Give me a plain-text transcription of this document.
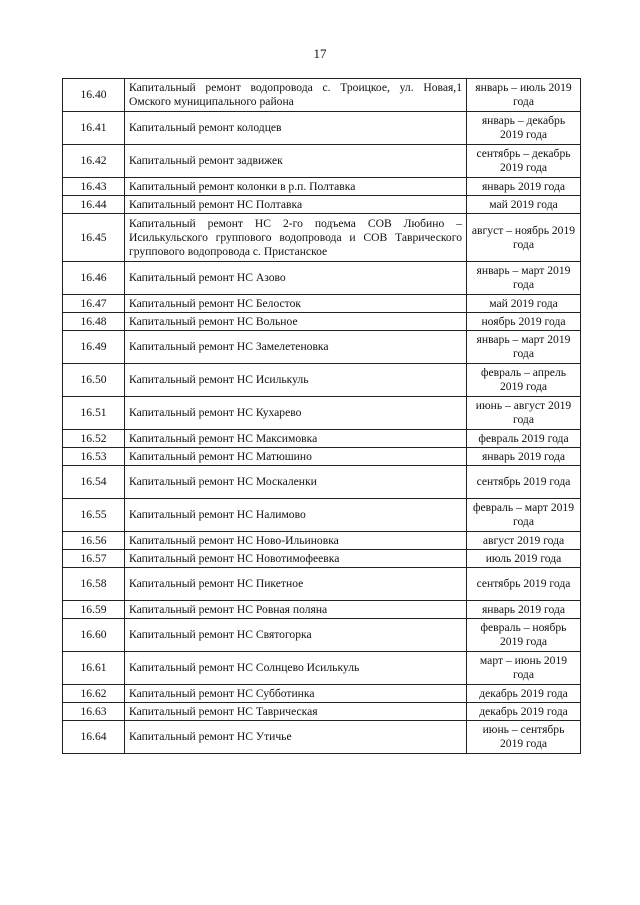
17
16.40	Капитальный ремонт водопровода с. Троицкое, ул. Новая,1 Омского муниципального района	январь – июль 2019 года
16.41	Капитальный ремонт колодцев	январь – декабрь 2019 года
16.42	Капитальный ремонт задвижек	сентябрь – декабрь 2019 года
16.43	Капитальный ремонт колонки в р.п. Полтавка	январь 2019 года
16.44	Капитальный ремонт НС Полтавка	май 2019 года
16.45	Капитальный ремонт НС 2-го подъема СОВ Любино – Исилькульского группового водопровода и СОВ Таврического группового водопровода с. Пристанское	август – ноябрь 2019 года
16.46	Капитальный ремонт НС Азово	январь – март 2019 года
16.47	Капитальный ремонт НС Белосток	май 2019 года
16.48	Капитальный ремонт НС Вольное	ноябрь 2019 года
16.49	Капитальный ремонт НС Замелетеновка	январь – март 2019 года
16.50	Капитальный ремонт НС Исилькуль	февраль – апрель 2019 года
16.51	Капитальный ремонт НС Кухарево	июнь – август 2019 года
16.52	Капитальный ремонт НС Максимовка	февраль 2019 года
16.53	Капитальный ремонт НС Матюшино	январь 2019 года
16.54	Капитальный ремонт НС Москаленки	сентябрь 2019 года
16.55	Капитальный ремонт НС Налимово	февраль – март 2019 года
16.56	Капитальный ремонт НС Ново-Ильиновка	август 2019 года
16.57	Капитальный ремонт НС Новотимофеевка	июль 2019 года
16.58	Капитальный ремонт НС Пикетное	сентябрь 2019 года
16.59	Капитальный ремонт НС Ровная поляна	январь 2019 года
16.60	Капитальный ремонт НС Святогорка	февраль – ноябрь 2019 года
16.61	Капитальный ремонт НС Солнцево Исилькуль	март – июнь 2019 года
16.62	Капитальный ремонт НС Субботинка	декабрь 2019 года
16.63	Капитальный ремонт НС Таврическая	декабрь 2019 года
16.64	Капитальный ремонт НС Утичье	июнь – сентябрь 2019 года
